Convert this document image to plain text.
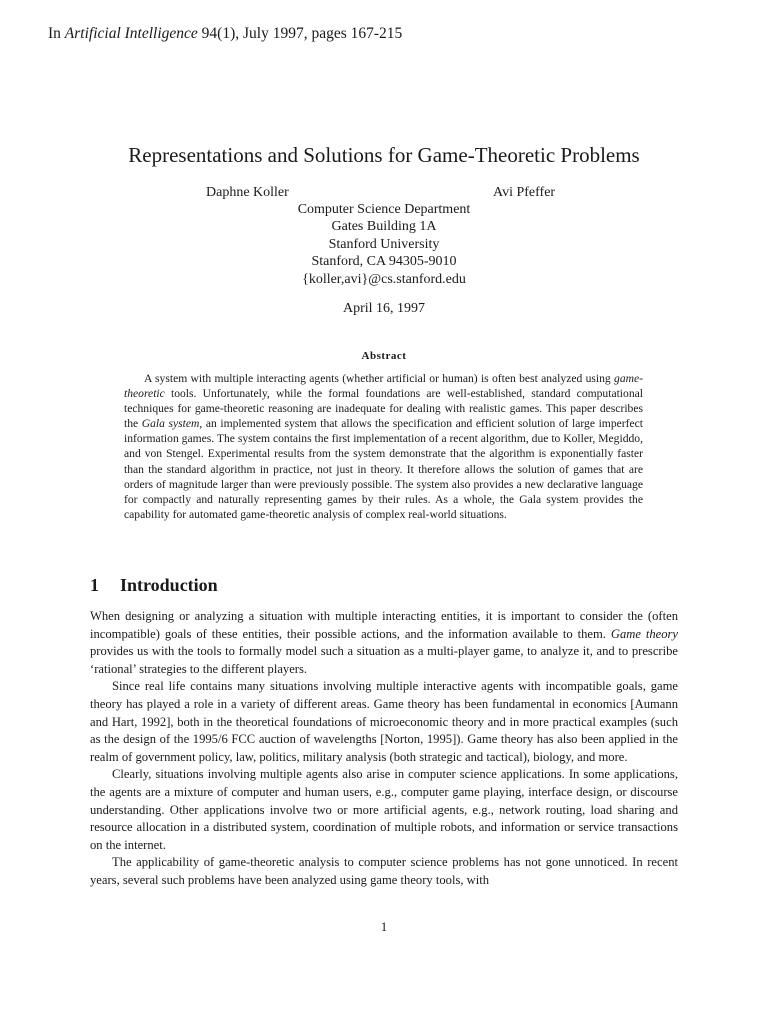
In Artificial Intelligence 94(1), July 1997, pages 167-215
Representations and Solutions for Game-Theoretic Problems
Daphne Koller	Avi Pfeffer
Computer Science Department
Gates Building 1A
Stanford University
Stanford, CA 94305-9010
{koller,avi}@cs.stanford.edu
April 16, 1997
Abstract
A system with multiple interacting agents (whether artificial or human) is often best analyzed using game-theoretic tools. Unfortunately, while the formal foundations are well-established, standard computational techniques for game-theoretic reasoning are inadequate for dealing with realistic games. This paper describes the Gala system, an implemented system that allows the specification and efficient solution of large imperfect information games. The system contains the first implementation of a recent algorithm, due to Koller, Megiddo, and von Stengel. Experimental results from the system demonstrate that the algorithm is exponentially faster than the standard algorithm in practice, not just in theory. It therefore allows the solution of games that are orders of magnitude larger than were previously possible. The system also provides a new declarative language for compactly and naturally representing games by their rules. As a whole, the Gala system provides the capability for automated game-theoretic analysis of complex real-world situations.
1 Introduction

When designing or analyzing a situation with multiple interacting entities, it is important to consider the (often incompatible) goals of these entities, their possible actions, and the information available to them. Game theory provides us with the tools to formally model such a situation as a multi-player game, to analyze it, and to prescribe ‘rational’ strategies to the different players.

Since real life contains many situations involving multiple interactive agents with incompatible goals, game theory has played a role in a variety of different areas. Game theory has been fundamental in economics [Aumann and Hart, 1992], both in the theoretical foundations of microeconomic theory and in more practical examples (such as the design of the 1995/6 FCC auction of wavelengths [Norton, 1995]). Game theory has also been applied in the realm of government policy, law, politics, military analysis (both strategic and tactical), biology, and more.

Clearly, situations involving multiple agents also arise in computer science applications. In some applications, the agents are a mixture of computer and human users, e.g., computer game playing, interface design, or discourse understanding. Other applications involve two or more artificial agents, e.g., network routing, load sharing and resource allocation in a distributed system, coordination of multiple robots, and information or service transactions on the internet.

The applicability of game-theoretic analysis to computer science problems has not gone unnoticed. In recent years, several such problems have been analyzed using game theory tools, with

1
